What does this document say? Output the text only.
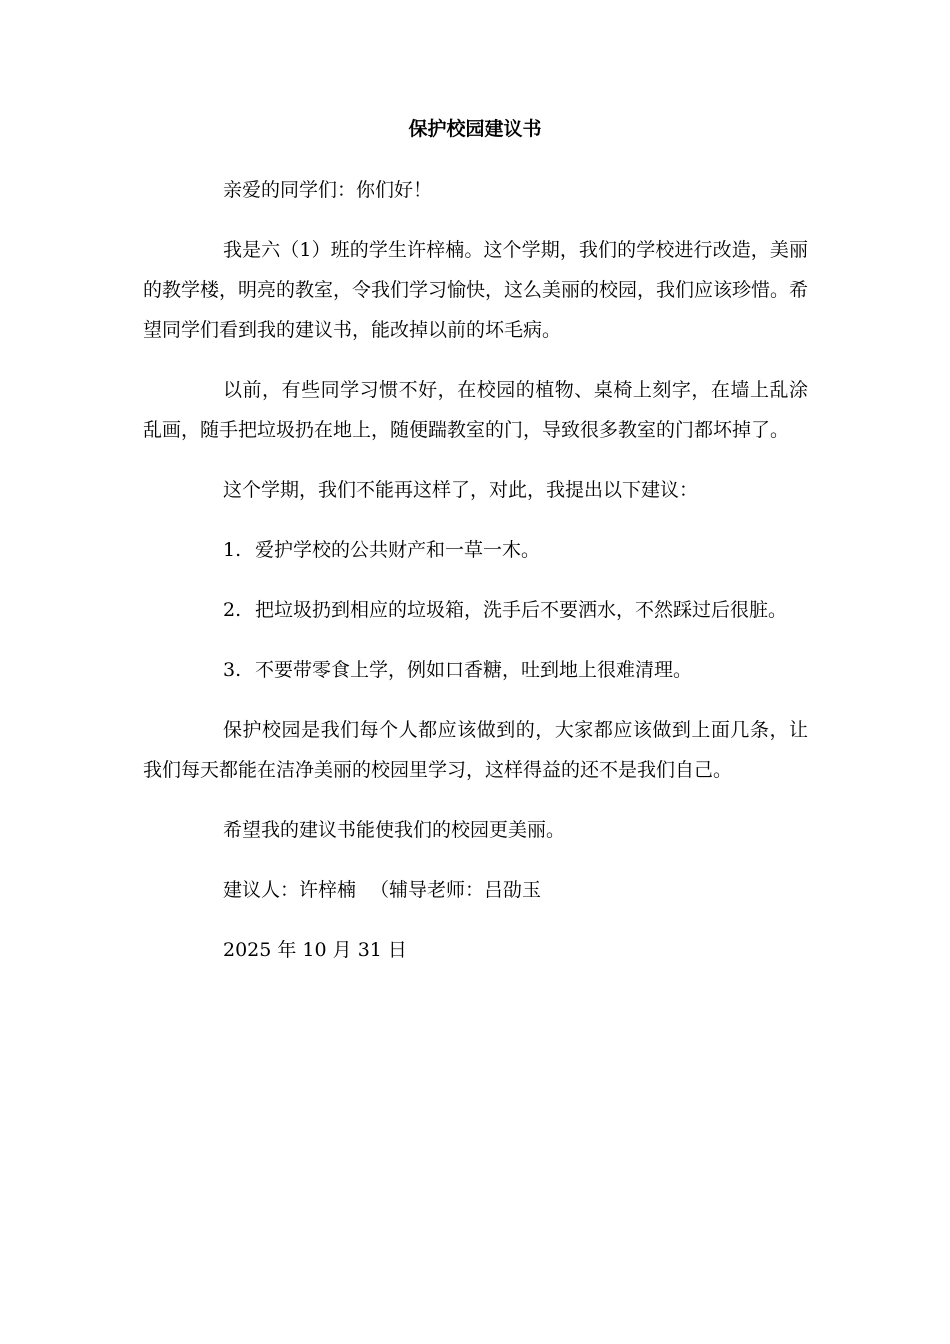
保护校园建议书

亲爱的同学们：你们好！

我是六（1）班的学生许梓楠。这个学期，我们的学校进行改造，美丽的教学楼，明亮的教室，令我们学习愉快，这么美丽的校园，我们应该珍惜。希望同学们看到我的建议书，能改掉以前的坏毛病。

以前，有些同学习惯不好，在校园的植物、桌椅上刻字，在墙上乱涂乱画，随手把垃圾扔在地上，随便踹教室的门，导致很多教室的门都坏掉了。

这个学期，我们不能再这样了，对此，我提出以下建议：

1. 爱护学校的公共财产和一草一木。
2. 把垃圾扔到相应的垃圾箱，洗手后不要洒水，不然踩过后很脏。
3. 不要带零食上学，例如口香糖，吐到地上很难清理。

保护校园是我们每个人都应该做到的，大家都应该做到上面几条，让我们每天都能在洁净美丽的校园里学习，这样得益的还不是我们自己。

希望我的建议书能使我们的校园更美丽。

建议人：许梓楠 （辅导老师：吕劭玉
2025 年 10 月 31 日
